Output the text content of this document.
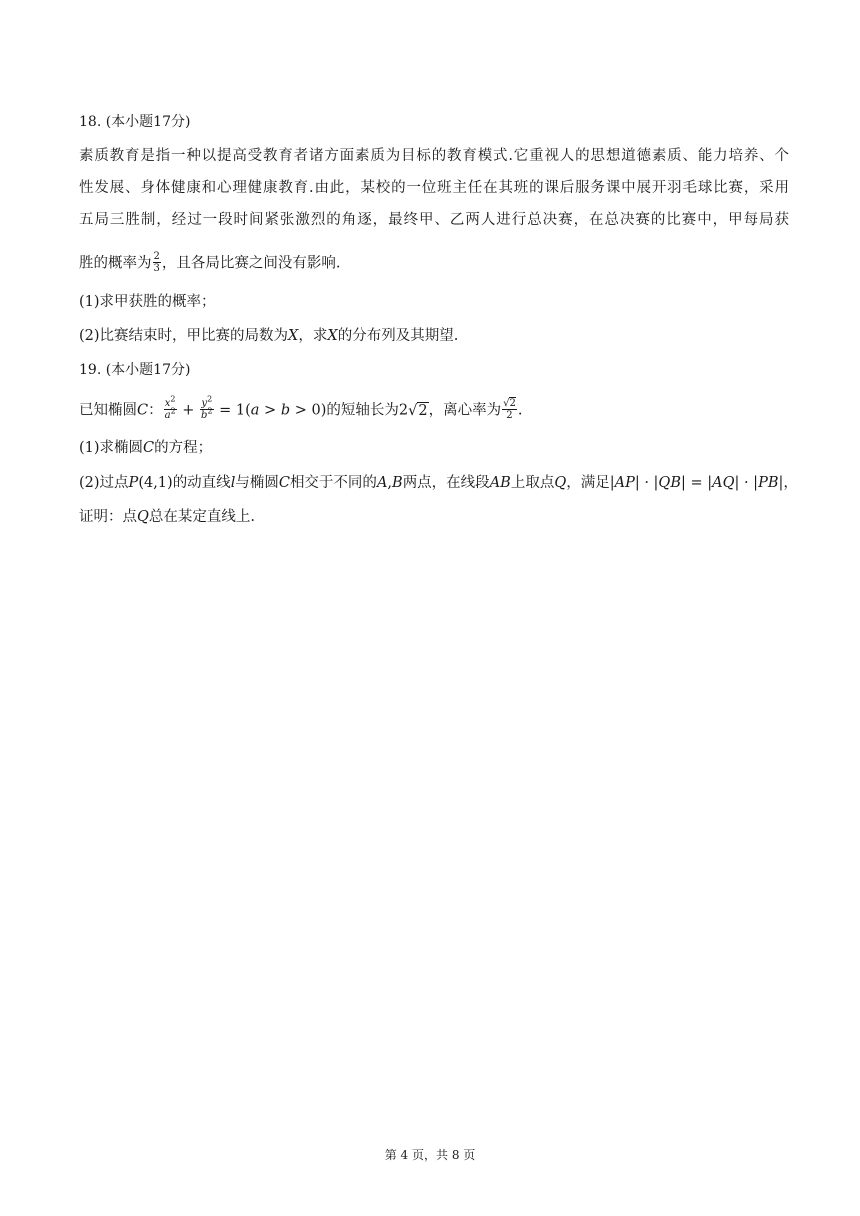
18. (本小题17分)
素质教育是指一种以提高受教育者诸方面素质为目标的教育模式.它重视人的思想道德素质、能力培养、个
性发展、身体健康和心理健康教育.由此，某校的一位班主任在其班的课后服务课中展开羽毛球比赛，采用
五局三胜制，经过一段时间紧张激烈的角逐，最终甲、乙两人进行总决赛，在总决赛的比赛中，甲每局获
胜的概率为 $\frac{2}{3}$ ，且各局比赛之间没有影响.
(1)求甲获胜的概率；
(2)比赛结束时，甲比赛的局数为X，求X的分布列及其期望.
19. (本小题17分)
已知椭圆C： $\frac{x^2}{a^2} + \frac{y^2}{b^2} = 1(a > b > 0)$的短轴长为2√2，离心率为 $\frac{√2}{2}$ .
(1)求椭圆C的方程；
(2)过点P(4,1)的动直线l与椭圆C相交于不同的A,B两点，在线段AB上取点Q，满足|AP| · |QB| = |AQ| · |PB|，
证明：点Q总在某定直线上.
第 4 页，共 8 页
